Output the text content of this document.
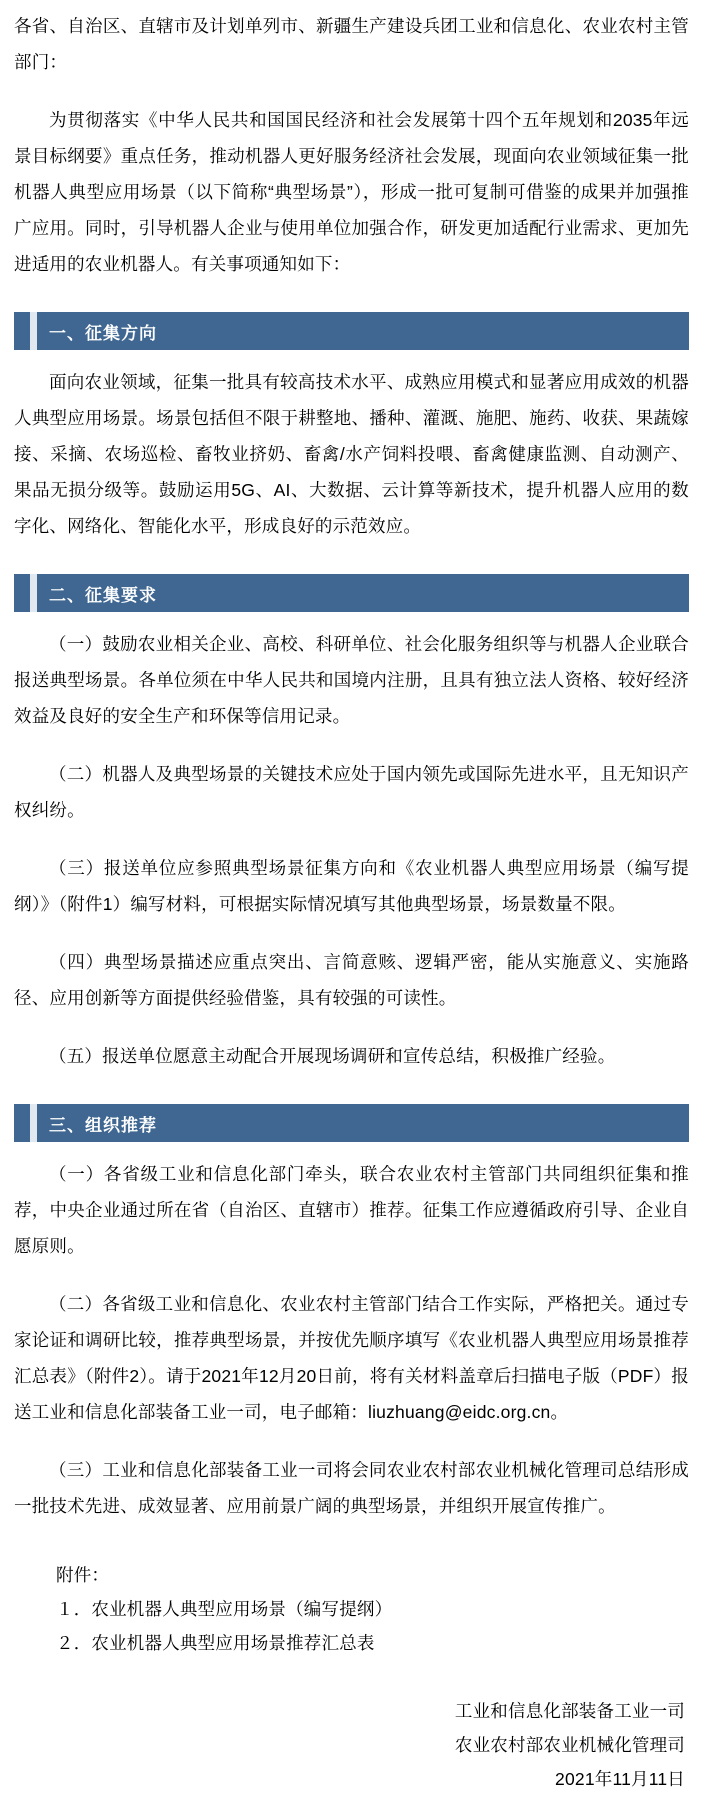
各省、自治区、直辖市及计划单列市、新疆生产建设兵团工业和信息化、农业农村主管部门：

为贯彻落实《中华人民共和国国民经济和社会发展第十四个五年规划和2035年远景目标纲要》重点任务，推动机器人更好服务经济社会发展，现面向农业领域征集一批机器人典型应用场景（以下简称“典型场景”），形成一批可复制可借鉴的成果并加强推广应用。同时，引导机器人企业与使用单位加强合作，研发更加适配行业需求、更加先进适用的农业机器人。有关事项通知如下：

一、征集方向

面向农业领域，征集一批具有较高技术水平、成熟应用模式和显著应用成效的机器人典型应用场景。场景包括但不限于耕整地、播种、灌溉、施肥、施药、收获、果蔬嫁接、采摘、农场巡检、畜牧业挤奶、畜禽/水产饲料投喂、畜禽健康监测、自动测产、果品无损分级等。鼓励运用5G、AI、大数据、云计算等新技术，提升机器人应用的数字化、网络化、智能化水平，形成良好的示范效应。

二、征集要求

（一）鼓励农业相关企业、高校、科研单位、社会化服务组织等与机器人企业联合报送典型场景。各单位须在中华人民共和国境内注册，且具有独立法人资格、较好经济效益及良好的安全生产和环保等信用记录。

（二）机器人及典型场景的关键技术应处于国内领先或国际先进水平，且无知识产权纠纷。

（三）报送单位应参照典型场景征集方向和《农业机器人典型应用场景（编写提纲）》（附件1）编写材料，可根据实际情况填写其他典型场景，场景数量不限。

（四）典型场景描述应重点突出、言简意赅、逻辑严密，能从实施意义、实施路径、应用创新等方面提供经验借鉴，具有较强的可读性。

（五）报送单位愿意主动配合开展现场调研和宣传总结，积极推广经验。

三、组织推荐

（一）各省级工业和信息化部门牵头，联合农业农村主管部门共同组织征集和推荐，中央企业通过所在省（自治区、直辖市）推荐。征集工作应遵循政府引导、企业自愿原则。

（二）各省级工业和信息化、农业农村主管部门结合工作实际，严格把关。通过专家论证和调研比较，推荐典型场景，并按优先顺序填写《农业机器人典型应用场景推荐汇总表》（附件2）。请于2021年12月20日前，将有关材料盖章后扫描电子版（PDF）报送工业和信息化部装备工业一司，电子邮箱：liuzhuang@eidc.org.cn。

（三）工业和信息化部装备工业一司将会同农业农村部农业机械化管理司总结形成一批技术先进、成效显著、应用前景广阔的典型场景，并组织开展宣传推广。

附件：
１．农业机器人典型应用场景（编写提纲）
２．农业机器人典型应用场景推荐汇总表
工业和信息化部装备工业一司
农业农村部农业机械化管理司
2021年11月11日
